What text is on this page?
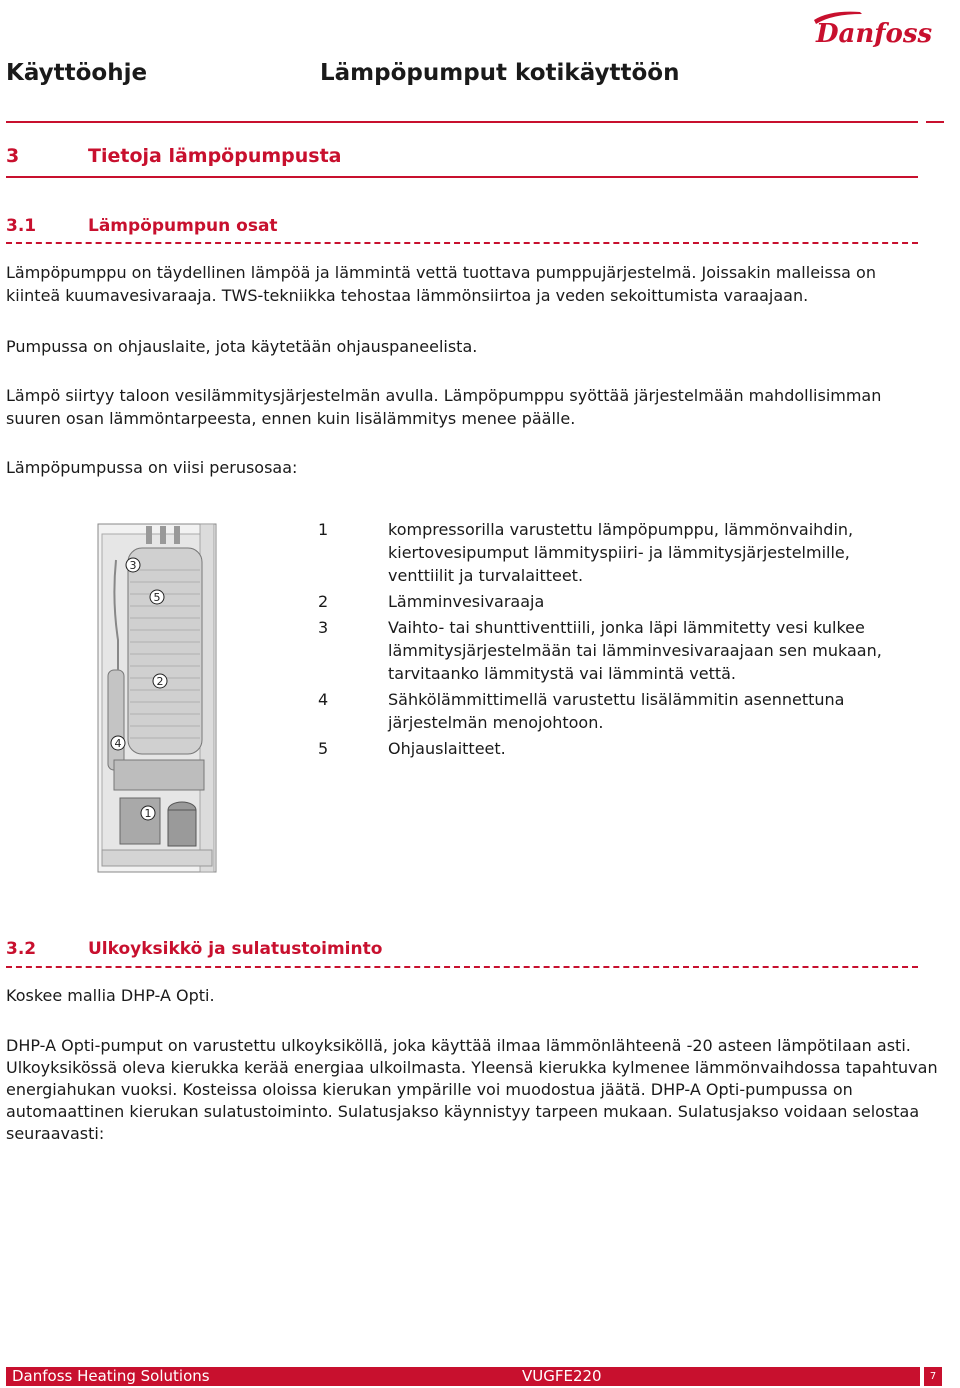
Danfoss
Käyttöohje	Lämpöpumput kotikäyttöön
3	Tietoja lämpöpumpusta
3.1	Lämpöpumpun osat
Lämpöpumppu on täydellinen lämpöä ja lämmintä vettä tuottava pumppujärjestelmä. Joissakin malleissa on kiinteä kuumavesivaraaja. TWS-tekniikka tehostaa lämmönsiirtoa ja veden sekoittumista varaajaan.
Pumpussa on ohjauslaite, jota käytetään ohjauspaneelista.
Lämpö siirtyy taloon vesilämmitysjärjestelmän avulla. Lämpöpumppu syöttää järjestelmään mahdollisimman suuren osan lämmöntarpeesta, ennen kuin lisälämmitys menee päälle.
Lämpöpumpussa on viisi perusosaa:
3
5
2
4
1
1	kompressorilla varustettu lämpöpumppu, lämmönvaihdin, kiertovesipumput lämmityspiiri- ja lämmitysjärjestelmille, venttiilit ja turvalaitteet.
2	Lämminvesivaraaja
3	Vaihto- tai shunttiventtiili, jonka läpi lämmitetty vesi kulkee lämmitysjärjestelmään tai lämminvesivaraajaan sen mukaan, tarvitaanko lämmitystä vai lämmintä vettä.
4	Sähkölämmittimellä varustettu lisälämmitin asennettuna järjestelmän menojohtoon.
5	Ohjauslaitteet.
3.2	Ulkoyksikkö ja sulatustoiminto
Koskee mallia DHP-A Opti.
DHP-A Opti-pumput on varustettu ulkoyksiköllä, joka käyttää ilmaa lämmönlähteenä -20 asteen lämpötilaan asti. Ulkoyksikössä oleva kierukka kerää energiaa ulkoilmasta. Yleensä kierukka kylmenee lämmönvaihdossa tapahtuvan energiahukan vuoksi. Kosteissa oloissa kierukan ympärille voi muodostua jäätä. DHP-A Opti-pumpussa on automaattinen kierukan sulatustoiminto. Sulatusjakso käynnistyy tarpeen mukaan. Sulatusjakso voidaan selostaa seuraavasti:
Danfoss Heating Solutions	VUGFE220	7
